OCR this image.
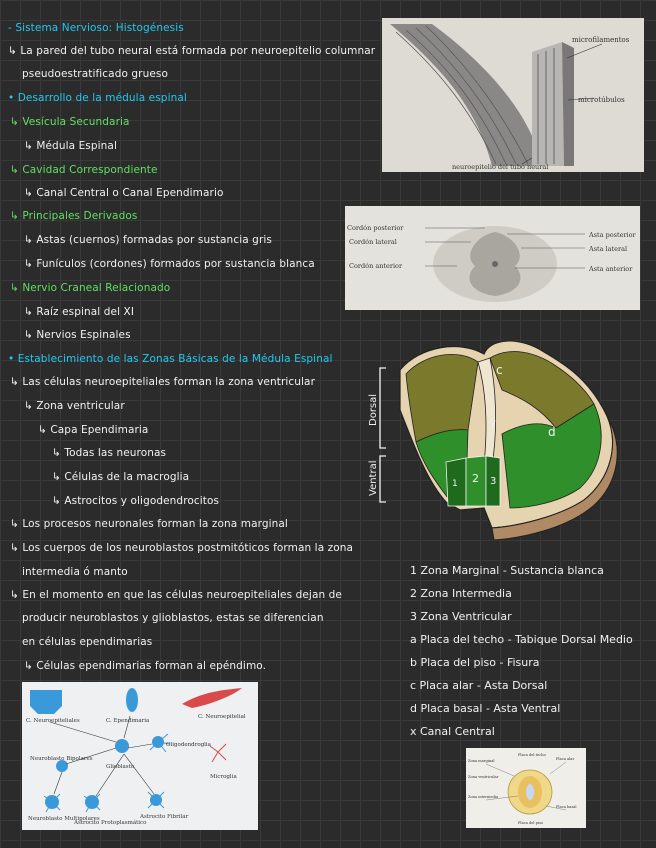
- Sistema Nervioso: Histogénesis
↳ La pared del tubo neural está formada por neuroepitelio columnar
pseudoestratificado grueso
• Desarrollo de la médula espinal
↳ Vesícula Secundaria
↳ Médula Espinal
↳ Cavidad Correspondiente
↳ Canal Central o Canal Ependimario
↳ Principales Derivados
↳ Astas (cuernos) formadas por sustancia gris
↳ Funículos (cordones) formados por sustancia blanca
↳ Nervio Craneal Relacionado
↳ Raíz espinal del XI
↳ Nervios Espinales
• Establecimiento de las Zonas Básicas de la Médula Espinal
↳ Las células neuroepiteliales forman la zona ventricular
↳ Zona ventricular
↳ Capa Ependimaria
↳ Todas las neuronas
↳ Células de la macroglia
↳ Astrocitos y oligodendrocitos
↳ Los procesos neuronales forman la zona marginal
↳ Los cuerpos de los neuroblastos postmitóticos forman la zona
intermedia ó manto
↳ En el momento en que las células neuroepiteliales dejan de
producir neuroblastos y glioblastos, estas se diferencian
en células ependimarias
↳ Células ependimarias forman al epéndimo.
microfilamentos
microtúbulos
neuroepitelio del tubo neural
Cordón posterior
Cordón lateral
Cordón anterior
Asta posterior
Asta lateral
Asta anterior
Dorsal
Ventral
c
d
y
1 2 3
1 Zona Marginal - Sustancia blanca
2 Zona Intermedia
3 Zona Ventricular
a Placa del techo - Tabique Dorsal Medio
b Placa del piso - Fisura
c Placa alar - Asta Dorsal
d Placa basal - Asta Ventral
x Canal Central
C. Neuroepiteliales	C. Ependimaria
C. Neuroepitelial
Neuroblasto Bipolares
Glioblasto
Oligodendroglia
Microglia
Neuroblasto Multipolares
Astrocito Protoplasmático
Astrocito Fibrilar
Zona marginal
Zona ventricular
Zona intermedia
Placa del techo
Placa alar
Placa basal
Placa del piso
